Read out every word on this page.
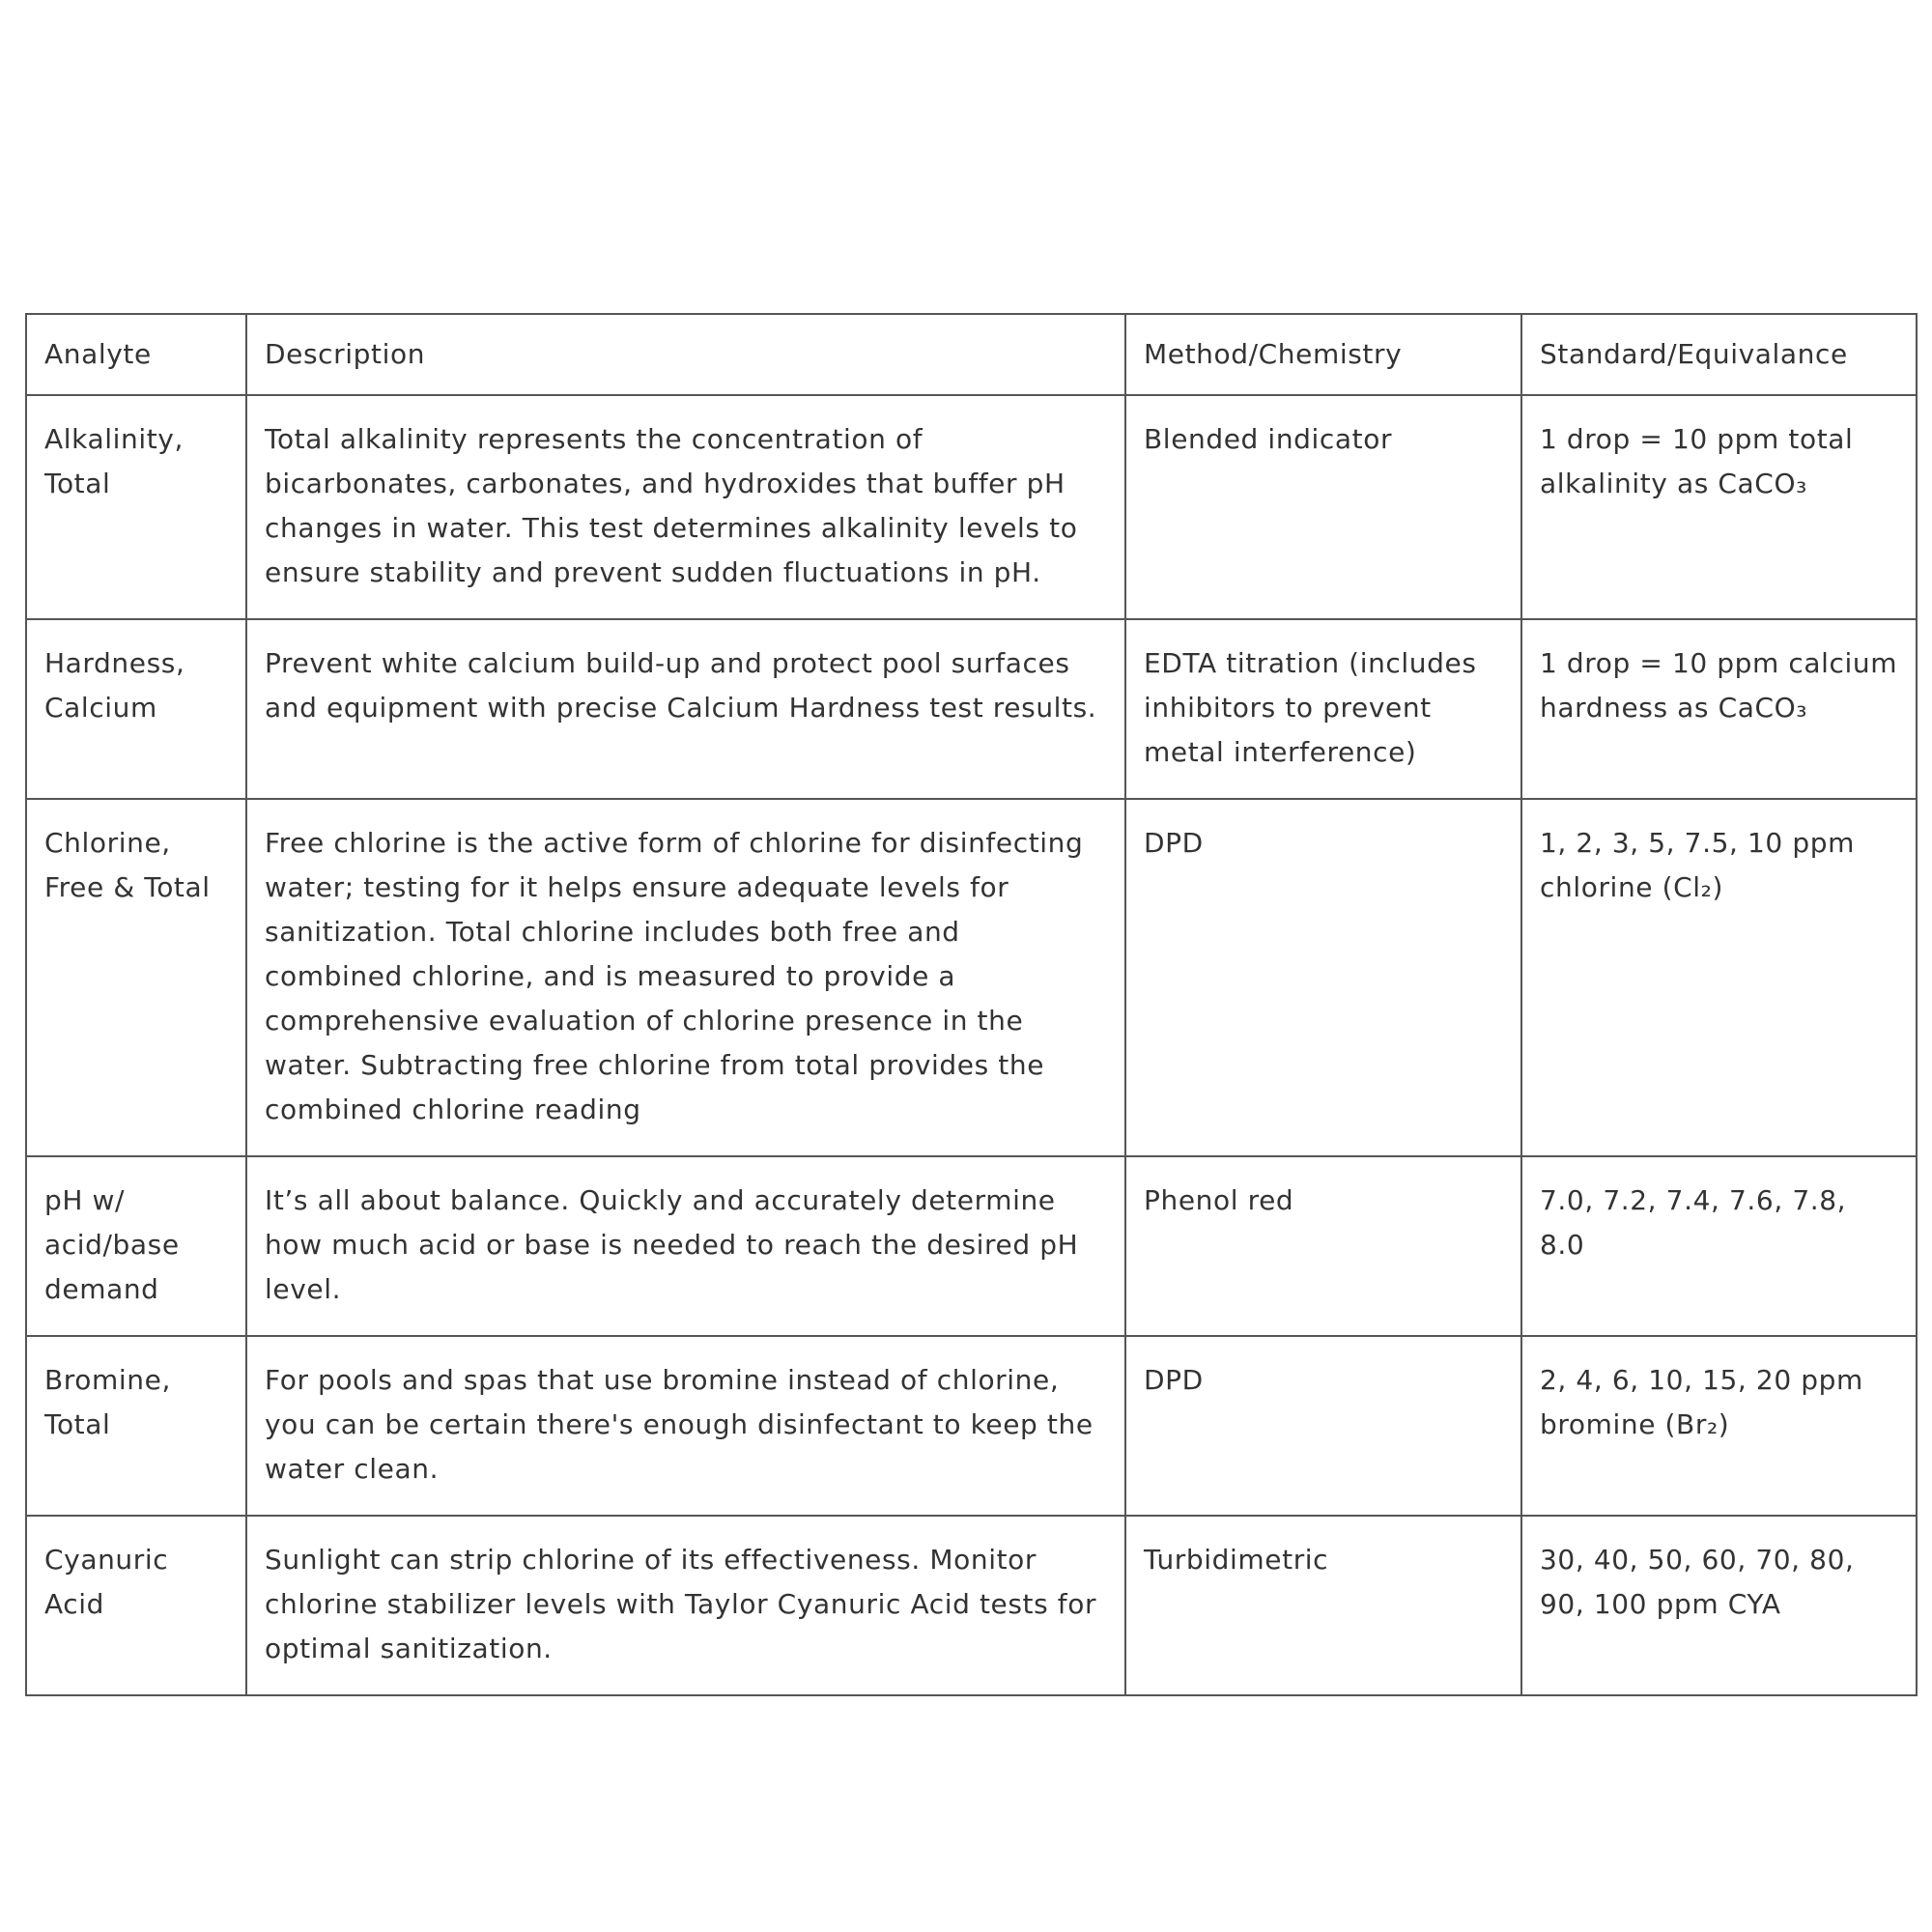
Analyte	Description	Method/Chemistry	Standard/Equivalance
Alkalinity, Total	Total alkalinity represents the concentration of bicarbonates, carbonates, and hydroxides that buffer pH changes in water. This test determines alkalinity levels to ensure stability and prevent sudden fluctuations in pH.	Blended indicator	1 drop = 10 ppm total alkalinity as CaCO₃
Hardness, Calcium	Prevent white calcium build-up and protect pool surfaces and equipment with precise Calcium Hardness test results.	EDTA titration (includes inhibitors to prevent metal interference)	1 drop = 10 ppm calcium hardness as CaCO₃
Chlorine, Free & Total	Free chlorine is the active form of chlorine for disinfecting water; testing for it helps ensure adequate levels for sanitization. Total chlorine includes both free and combined chlorine, and is measured to provide a comprehensive evaluation of chlorine presence in the water. Subtracting free chlorine from total provides the combined chlorine reading	DPD	1, 2, 3, 5, 7.5, 10 ppm chlorine (Cl₂)
pH w/ acid/base demand	It’s all about balance. Quickly and accurately determine how much acid or base is needed to reach the desired pH level.	Phenol red	7.0, 7.2, 7.4, 7.6, 7.8, 8.0
Bromine, Total	For pools and spas that use bromine instead of chlorine, you can be certain there's enough disinfectant to keep the water clean.	DPD	2, 4, 6, 10, 15, 20 ppm bromine (Br₂)
Cyanuric Acid	Sunlight can strip chlorine of its effectiveness. Monitor chlorine stabilizer levels with Taylor Cyanuric Acid tests for optimal sanitization.	Turbidimetric	30, 40, 50, 60, 70, 80, 90, 100 ppm CYA
